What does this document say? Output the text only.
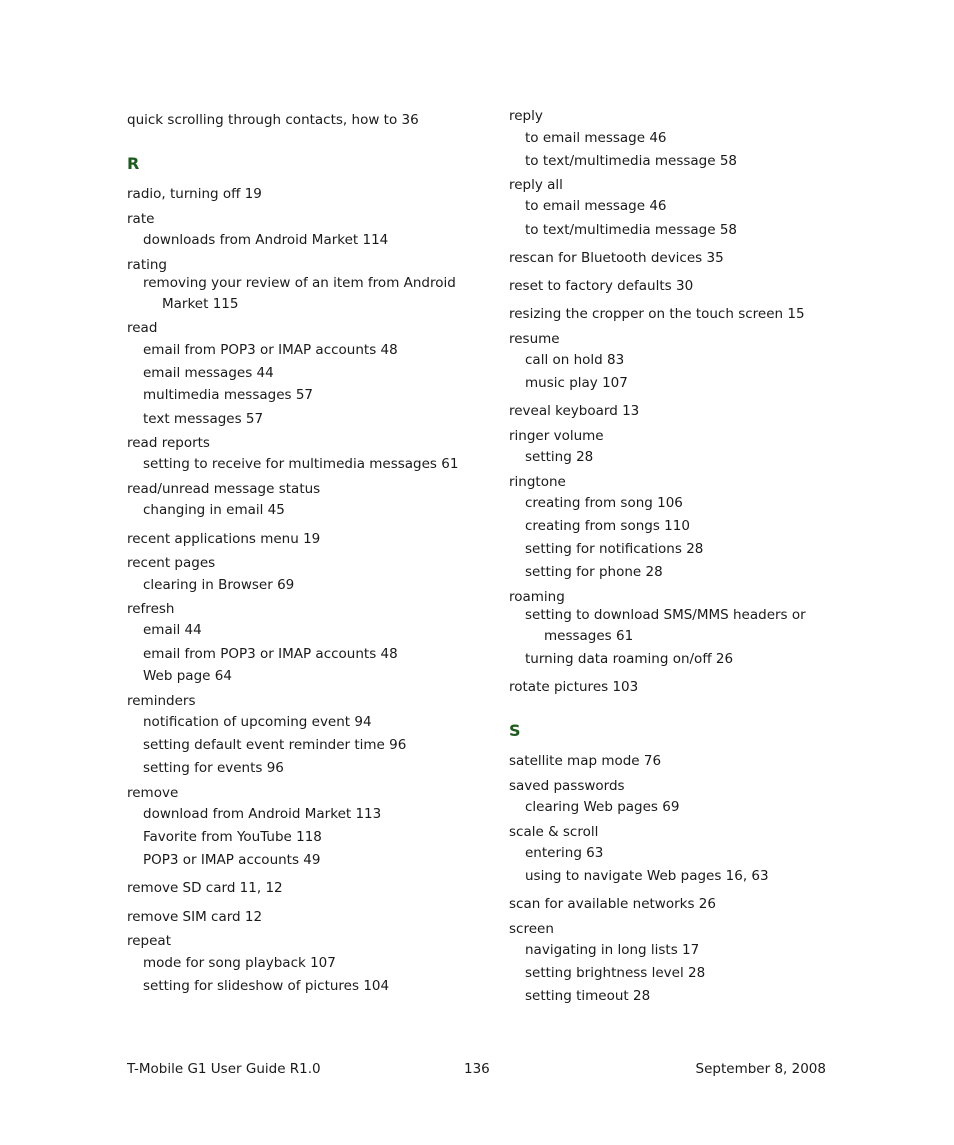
quick scrolling through contacts, how to 36
R
radio, turning off 19
rate
downloads from Android Market 114
rating
removing your review of an item from Android
Market 115
read
email from POP3 or IMAP accounts 48
email messages 44
multimedia messages 57
text messages 57
read reports
setting to receive for multimedia messages 61
read/unread message status
changing in email 45
recent applications menu 19
recent pages
clearing in Browser 69
refresh
email 44
email from POP3 or IMAP accounts 48
Web page 64
reminders
notification of upcoming event 94
setting default event reminder time 96
setting for events 96
remove
download from Android Market 113
Favorite from YouTube 118
POP3 or IMAP accounts 49
remove SD card 11, 12
remove SIM card 12
repeat
mode for song playback 107
setting for slideshow of pictures 104
reply
to email message 46
to text/multimedia message 58
reply all
to email message 46
to text/multimedia message 58
rescan for Bluetooth devices 35
reset to factory defaults 30
resizing the cropper on the touch screen 15
resume
call on hold 83
music play 107
reveal keyboard 13
ringer volume
setting 28
ringtone
creating from song 106
creating from songs 110
setting for notifications 28
setting for phone 28
roaming
setting to download SMS/MMS headers or
messages 61
turning data roaming on/off 26
rotate pictures 103
S
satellite map mode 76
saved passwords
clearing Web pages 69
scale & scroll
entering 63
using to navigate Web pages 16, 63
scan for available networks 26
screen
navigating in long lists 17
setting brightness level 28
setting timeout 28
T-Mobile G1 User Guide R1.0	136	September 8, 2008
